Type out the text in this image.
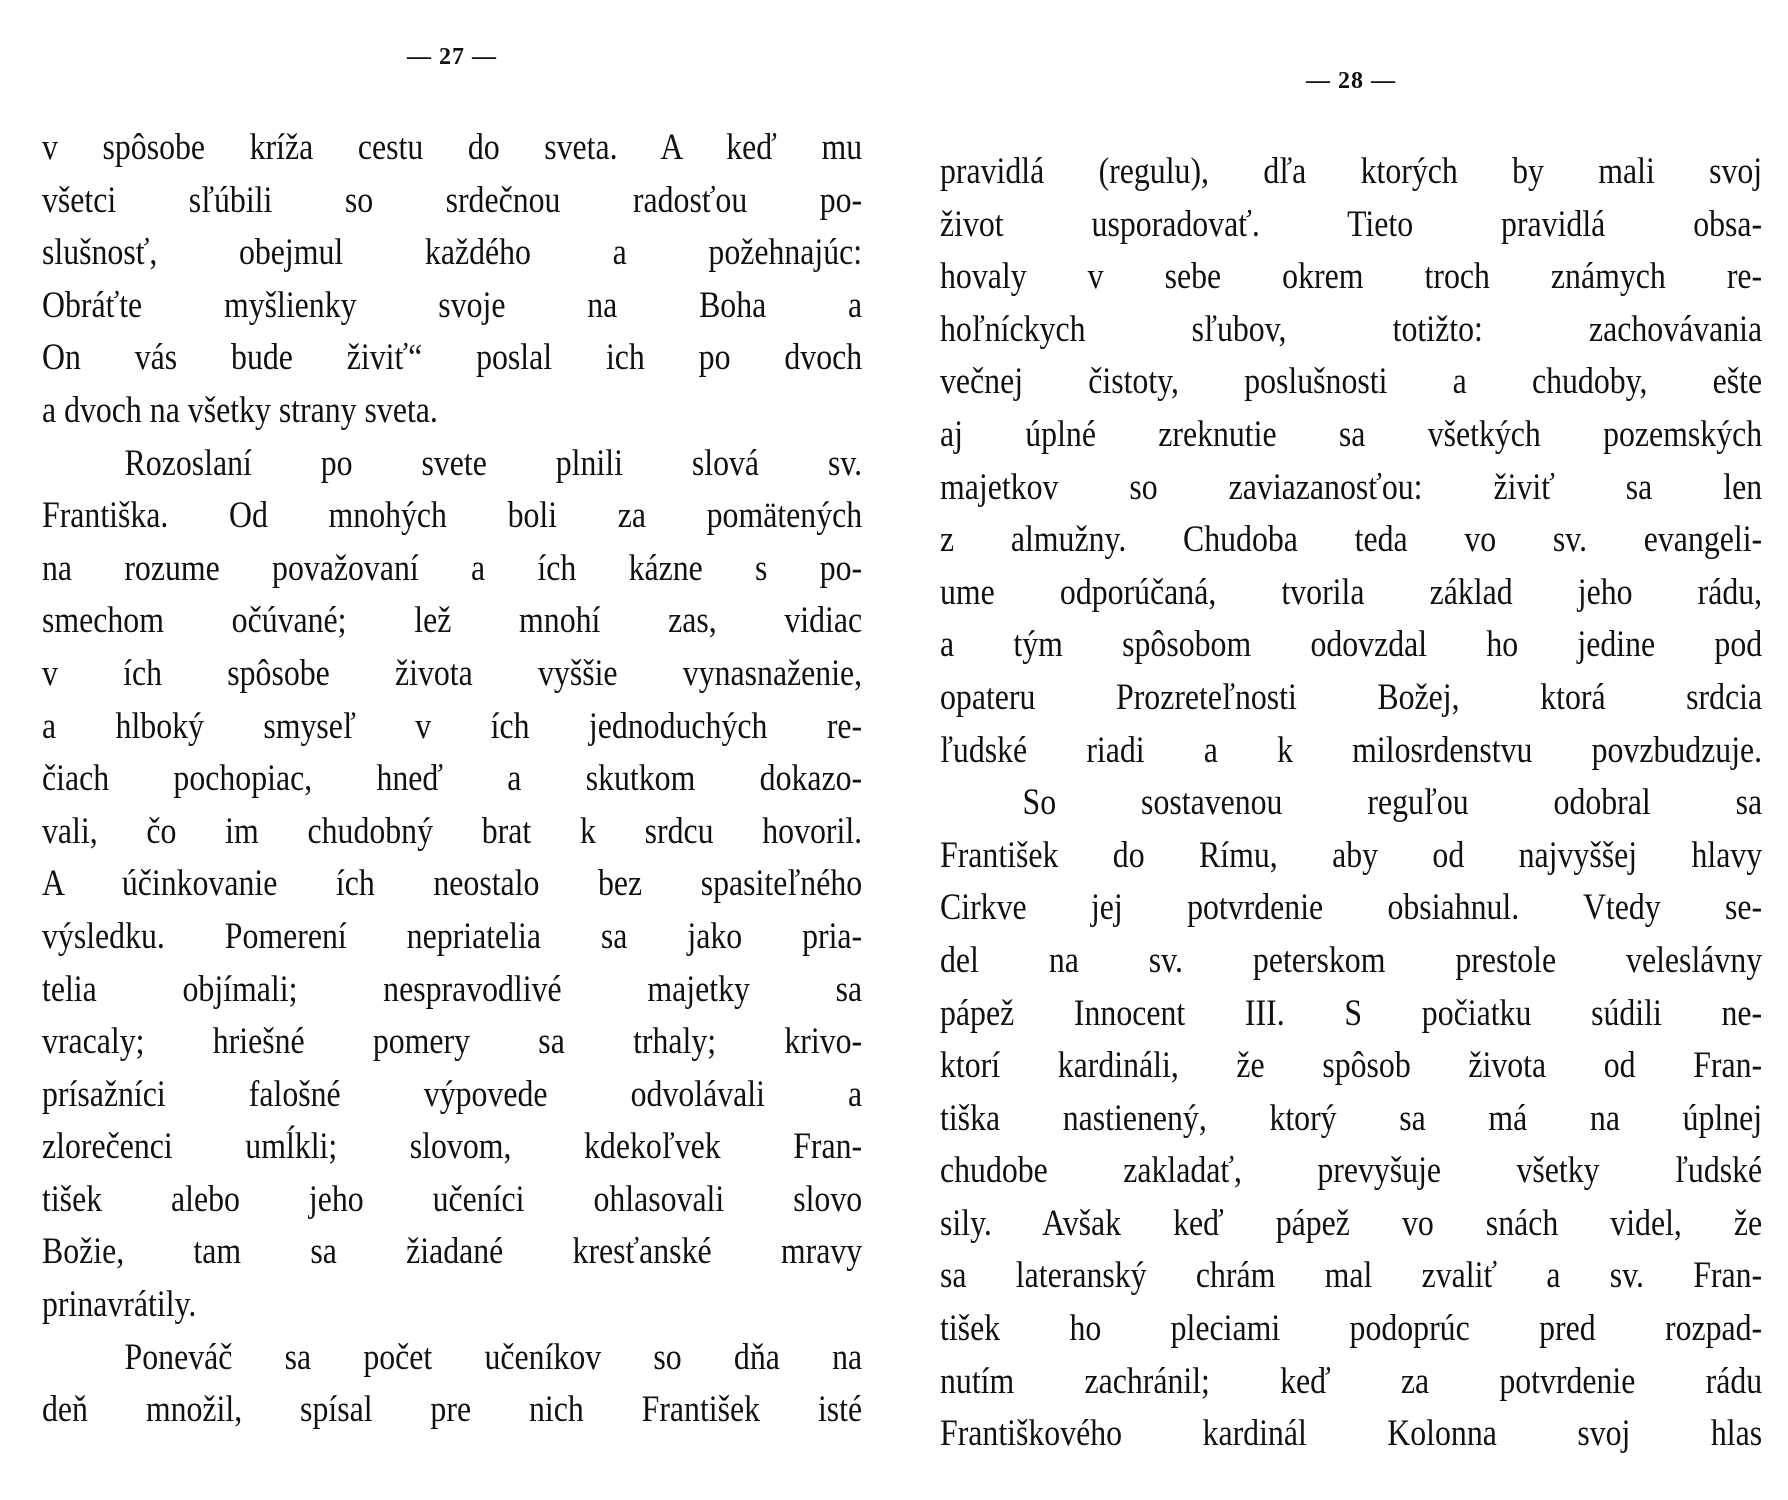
— 27 —
v spôsobe kríža cestu do sveta. A keď mu
všetci sľúbili so srdečnou radosťou po-
slušnosť, obejmul každého a požehnajúc:
Obráťte myšlienky svoje na Boha a
On vás bude živiť“ poslal ich po dvoch
a dvoch na všetky strany sveta.
Rozoslaní po svete plnili slová sv.
Františka. Od mnohých boli za pomätených
na rozume považovaní a ích kázne s po-
smechom očúvané; lež mnohí zas, vidiac
v ích spôsobe života vyššie vynasnaženie,
a hlboký smyseľ v ích jednoduchých re-
čiach pochopiac, hneď a skutkom dokazo-
vali, čo im chudobný brat k srdcu hovoril.
A účinkovanie ích neostalo bez spasiteľného
výsledku. Pomerení nepriatelia sa jako pria-
telia objímali; nespravodlivé majetky sa
vracaly; hriešné pomery sa trhaly; krivo-
prísažníci falošné výpovede odvolávali a
zlorečenci umĺkli; slovom, kdekoľvek Fran-
tišek alebo jeho učeníci ohlasovali slovo
Božie, tam sa žiadané kresťanské mravy
prinavrátily.
Poneváč sa počet učeníkov so dňa na
deň množil, spísal pre nich František isté
— 28 —
pravidlá (regulu), dľa ktorých by mali svoj
život usporadovať. Tieto pravidlá obsa-
hovaly v sebe okrem troch známych re-
hoľníckych sľubov, totižto: zachovávania
večnej čistoty, poslušnosti a chudoby, ešte
aj úplné zreknutie sa všetkých pozemských
majetkov so zaviazanosťou: živiť sa len
z almužny. Chudoba teda vo sv. evangeli-
ume odporúčaná, tvorila základ jeho rádu,
a tým spôsobom odovzdal ho jedine pod
opateru Prozreteľnosti Božej, ktorá srdcia
ľudské riadi a k milosrdenstvu povzbudzuje.
So sostavenou reguľou odobral sa
František do Rímu, aby od najvyššej hlavy
Cirkve jej potvrdenie obsiahnul. Vtedy se-
del na sv. peterskom prestole veleslávny
pápež Innocent III. S počiatku súdili ne-
ktorí kardináli, že spôsob života od Fran-
tiška nastienený, ktorý sa má na úplnej
chudobe zakladať, prevyšuje všetky ľudské
sily. Avšak keď pápež vo snách videl, že
sa lateranský chrám mal zvaliť a sv. Fran-
tišek ho pleciami podoprúc pred rozpad-
nutím zachránil; keď za potvrdenie rádu
Františkového kardinál Kolonna svoj hlas
